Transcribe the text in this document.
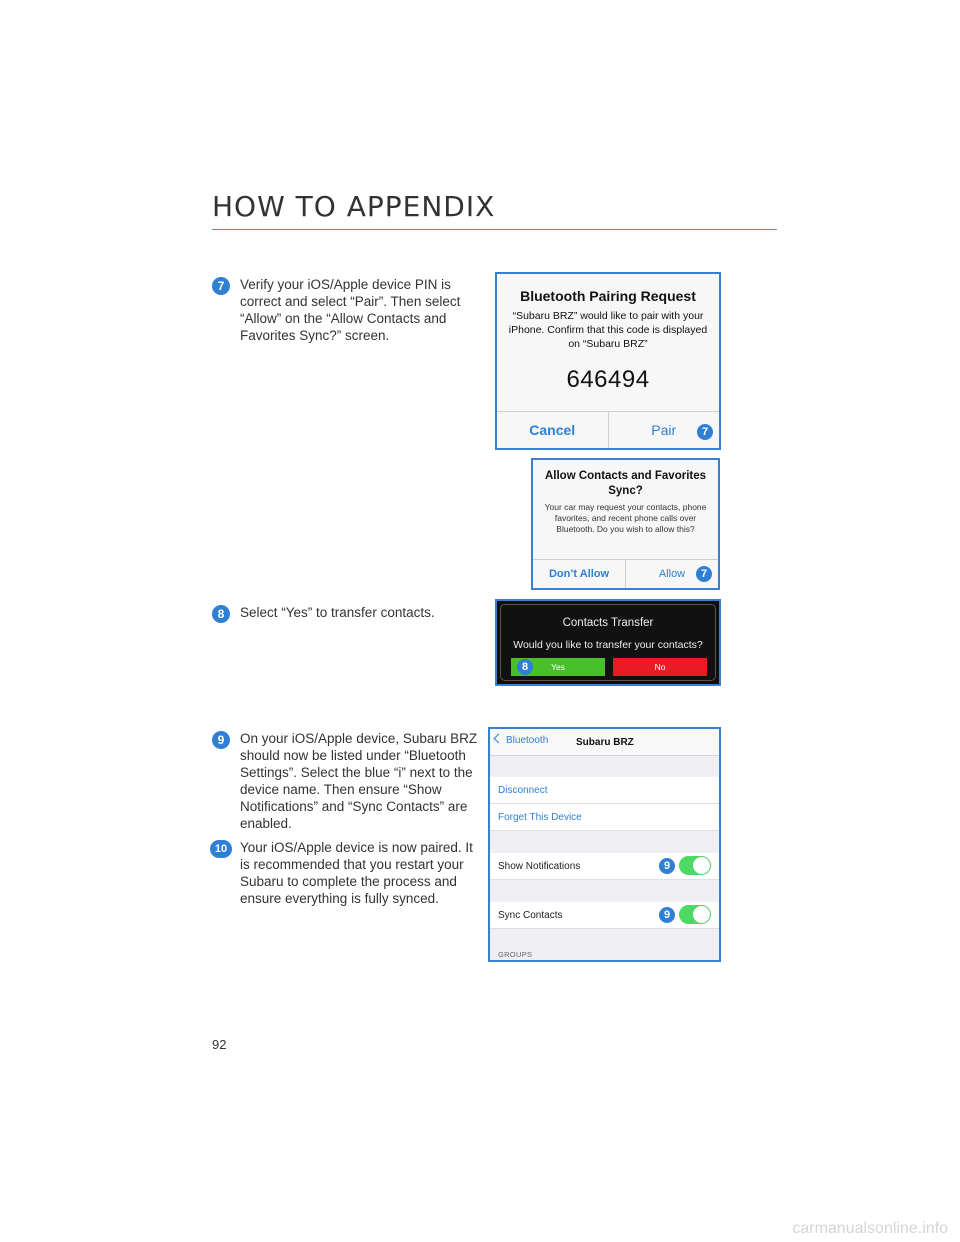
HOW TO APPENDIX
7	Verify your iOS/Apple device PIN is correct and select “Pair”. Then select “Allow” on the “Allow Contacts and Favorites Sync?” screen.
8	Select “Yes” to transfer contacts.
9	On your iOS/Apple device, Subaru BRZ should now be listed under “Bluetooth Settings”. Select the blue “i” next to the device name. Then ensure “Show Notifications” and “Sync Contacts” are enabled.
10 Your iOS/Apple device is now paired. It is recommended that you restart your Subaru to complete the process and ensure everything is fully synced.
Bluetooth Pairing Request
“Subaru BRZ” would like to pair with your iPhone. Confirm that this code is displayed on “Subaru BRZ”
646494
Cancel	Pair	7
Allow Contacts and Favorites Sync?
Your car may request your contacts, phone favorites, and recent phone calls over Bluetooth. Do you wish to allow this?
Don’t Allow	Allow	7
Contacts Transfer
Would you like to transfer your contacts?
Yes	No
8
Bluetooth	Subaru BRZ
Disconnect
Forget This Device
Show Notifications	9
Sync Contacts	9
GROUPS
92
carmanualsonline.info
